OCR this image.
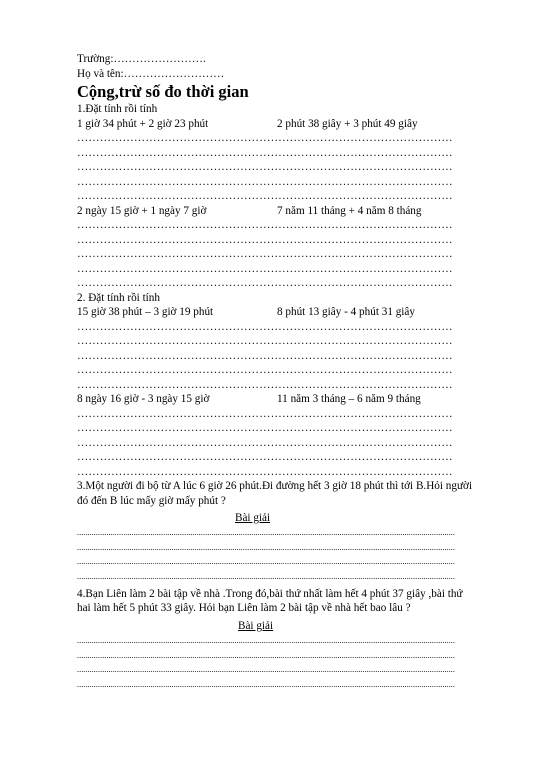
Trường:…………………….
Họ và tên:………………………
Cộng,trừ số đo thời gian
1.Đặt tính rồi tính
1 giờ 34 phút + 2 giờ 23 phút	2 phút 38 giây + 3 phút 49 giây
………………………………………………………………………………………
………………………………………………………………………………………
………………………………………………………………………………………
………………………………………………………………………………………
………………………………………………………………………………………
2 ngày 15 giờ + 1 ngày 7 giờ	7 năm 11 tháng + 4 năm 8 tháng
………………………………………………………………………………………
………………………………………………………………………………………
………………………………………………………………………………………
………………………………………………………………………………………
………………………………………………………………………………………
2. Đặt tính rồi tính
15 giờ 38 phút – 3 giờ 19 phút	8 phút 13 giây - 4 phút 31 giây
………………………………………………………………………………………
………………………………………………………………………………………
………………………………………………………………………………………
………………………………………………………………………………………
………………………………………………………………………………………
8 ngày 16 giờ - 3 ngày 15 giờ	11 năm 3 tháng – 6 năm 9 tháng
………………………………………………………………………………………
………………………………………………………………………………………
………………………………………………………………………………………
………………………………………………………………………………………
………………………………………………………………………………………
3.Một người đi bộ từ A lúc 6 giờ 26 phút.Đi đường hết 3 giờ 18 phút thì tới B.Hỏi người đó đến B lúc mấy giờ mấy phút ?
Bài giải
....................................................................................................................................................................................
....................................................................................................................................................................................
....................................................................................................................................................................................
....................................................................................................................................................................................
4.Bạn Liên làm 2 bài tập về nhà .Trong đó,bài thứ nhất làm hết 4 phút 37 giây ,bài thứ hai làm hết 5 phút 33 giây. Hỏi bạn Liên làm 2 bài tập về nhà hết bao lâu ?
Bài giải
....................................................................................................................................................................................
....................................................................................................................................................................................
....................................................................................................................................................................................
....................................................................................................................................................................................
